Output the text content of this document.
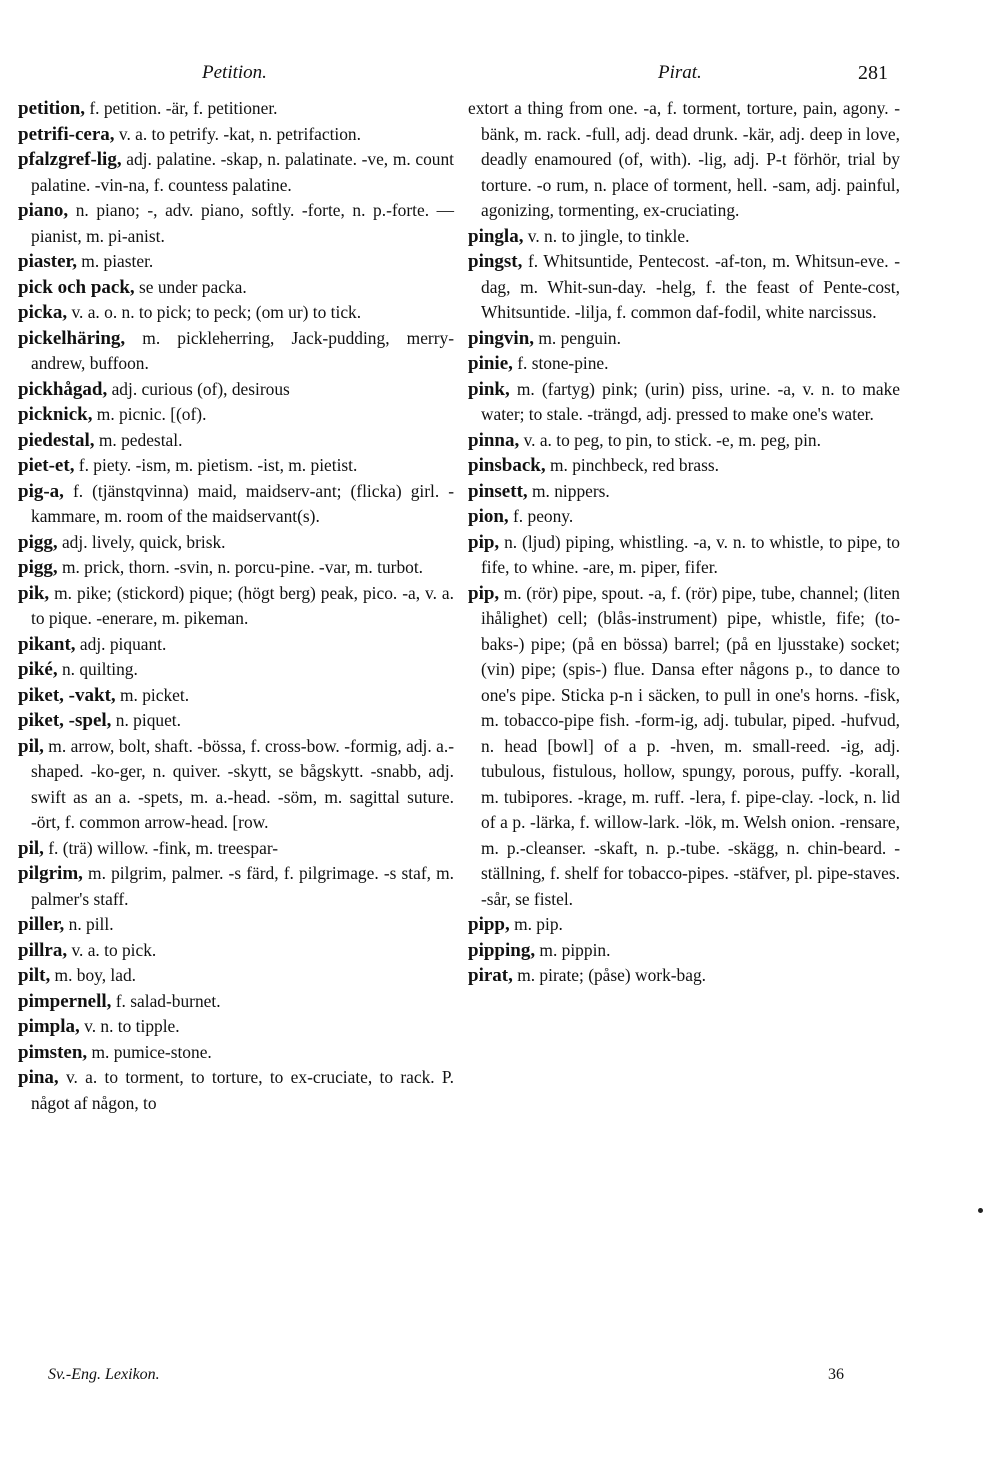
Petition.	Pirat.	281

petition, f. petition. -är, f. petitioner.

petrifi-cera, v. a. to petrify. -kat, n. petrifaction.

pfalzgref-lig, adj. palatine. -skap, n. palatinate. -ve, m. count palatine. -vin-na, f. countess palatine.

piano, n. piano; -, adv. piano, softly. -forte, n. p.-forte. — pianist, m. pi-anist.

piaster, m. piaster.

pick och pack, se under packa.

picka, v. a. o. n. to pick; to peck; (om ur) to tick.

pickelhäring, m. pickleherring, Jack-pudding, merry-andrew, buffoon.

pickhågad, adj. curious (of), desirous

picknick, m. picnic. [(of).

piedestal, m. pedestal.

piet-et, f. piety. -ism, m. pietism. -ist, m. pietist.

pig-a, f. (tjänstqvinna) maid, maidserv-ant; (flicka) girl. -kammare, m. room of the maidservant(s).

pigg, adj. lively, quick, brisk.

pigg, m. prick, thorn. -svin, n. porcu-pine. -var, m. turbot.

pik, m. pike; (stickord) pique; (högt berg) peak, pico. -a, v. a. to pique. -enerare, m. pikeman.

pikant, adj. piquant.

piké, n. quilting.

piket, -vakt, m. picket.

piket, -spel, n. piquet.

pil, m. arrow, bolt, shaft. -bössa, f. cross-bow. -formig, adj. a.-shaped. -ko-ger, n. quiver. -skytt, se bågskytt. -snabb, adj. swift as an a. -spets, m. a.-head. -söm, m. sagittal suture. -ört, f. common arrow-head. [row.

pil, f. (trä) willow. -fink, m. treespar-

pilgrim, m. pilgrim, palmer. -s färd, f. pilgrimage. -s staf, m. palmer's staff.

piller, n. pill.

pillra, v. a. to pick.

pilt, m. boy, lad.

pimpernell, f. salad-burnet.

pimpla, v. n. to tipple.

pimsten, m. pumice-stone.

pina, v. a. to torment, to torture, to ex-cruciate, to rack. P. något af någon, to

extort a thing from one. -a, f. torment, torture, pain, agony. -bänk, m. rack. -full, adj. dead drunk. -kär, adj. deep in love, deadly enamoured (of, with). -lig, adj. P-t förhör, trial by torture. -o rum, n. place of torment, hell. -sam, adj. painful, agonizing, tormenting, ex-cruciating.

pingla, v. n. to jingle, to tinkle.

pingst, f. Whitsuntide, Pentecost. -af-ton, m. Whitsun-eve. -dag, m. Whit-sun-day. -helg, f. the feast of Pente-cost, Whitsuntide. -lilja, f. common daf-fodil, white narcissus.

pingvin, m. penguin.

pinie, f. stone-pine.

pink, m. (fartyg) pink; (urin) piss, urine. -a, v. n. to make water; to stale. -trängd, adj. pressed to make one's water.

pinna, v. a. to peg, to pin, to stick. -e, m. peg, pin.

pinsback, m. pinchbeck, red brass.

pinsett, m. nippers.

pion, f. peony.

pip, n. (ljud) piping, whistling. -a, v. n. to whistle, to pipe, to fife, to whine. -are, m. piper, fifer.

pip, m. (rör) pipe, spout. -a, f. (rör) pipe, tube, channel; (liten ihålighet) cell; (blås-instrument) pipe, whistle, fife; (to-baks-) pipe; (på en bössa) barrel; (på en ljusstake) socket; (vin) pipe; (spis-) flue. Dansa efter någons p., to dance to one's pipe. Sticka p-n i säcken, to pull in one's horns. -fisk, m. tobacco-pipe fish. -form-ig, adj. tubular, piped. -hufvud, n. head [bowl] of a p. -hven, m. small-reed. -ig, adj. tubulous, fistulous, hollow, spungy, porous, puffy. -korall, m. tubipores. -krage, m. ruff. -lera, f. pipe-clay. -lock, n. lid of a p. -lärka, f. willow-lark. -lök, m. Welsh onion. -rensare, m. p.-cleanser. -skaft, n. p.-tube. -skägg, n. chin-beard. -ställning, f. shelf for tobacco-pipes. -stäfver, pl. pipe-staves. -sår, se fistel.

pipp, m. pip.

pipping, m. pippin.

pirat, m. pirate; (påse) work-bag.

Sv.-Eng. Lexikon.	36
